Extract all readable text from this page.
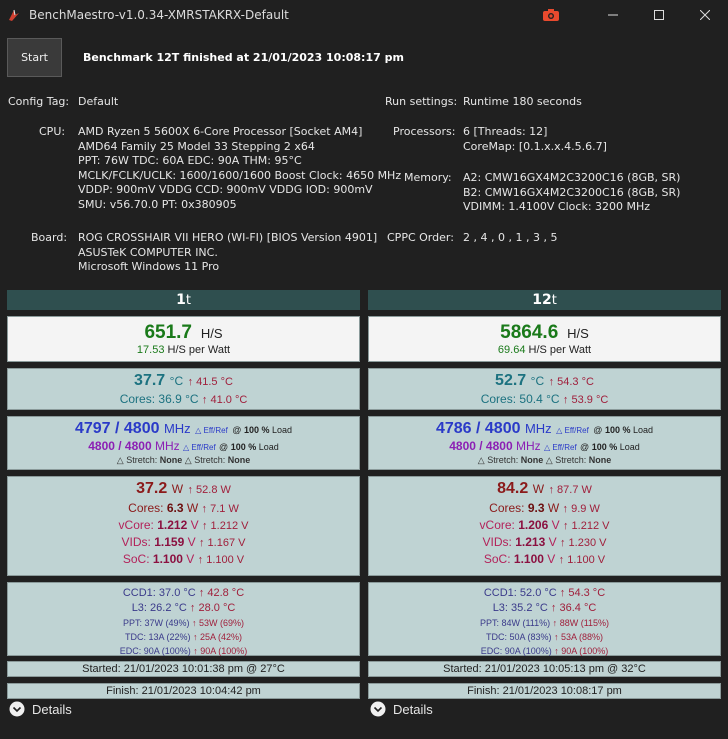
BenchMaestro-v1.0.34-XMRSTAKRX-Default
Start	Benchmark 12T finished at 21/01/2023 10:08:17 pm
Config Tag: Default	Run settings: Runtime 180 seconds
CPU: AMD Ryzen 5 5600X 6-Core Processor [Socket AM4]
AMD64 Family 25 Model 33 Stepping 2 x64
PPT: 76W TDC: 60A EDC: 90A THM: 95°C
MCLK/FCLK/UCLK: 1600/1600/1600 Boost Clock: 4650 MHz
VDDP: 900mV VDDG CCD: 900mV VDDG IOD: 900mV
SMU: v56.70.0 PT: 0x380905
Processors: 6 [Threads: 12]
CoreMap: [0.1.x.x.4.5.6.7]
Memory: A2: CMW16GX4M2C3200C16 (8GB, SR)
B2: CMW16GX4M2C3200C16 (8GB, SR)
VDIMM: 1.4100V Clock: 3200 MHz
Board: ROG CROSSHAIR VII HERO (WI-FI) [BIOS Version 4901]
ASUSTeK COMPUTER INC.
Microsoft Windows 11 Pro
CPPC Order: 2 , 4 , 0 , 1 , 3 , 5
1t
651.7 H/S
17.53 H/S per Watt
37.7 °C ↑ 41.5 °C
Cores: 36.9 °C ↑ 41.0 °C
4797 / 4800 MHz △ Eff/Ref @ 100 % Load
4800 / 4800 MHz △ Eff/Ref @ 100 % Load
△ Stretch: None △ Stretch: None
37.2 W ↑ 52.8 W
Cores: 6.3 W ↑ 7.1 W
vCore: 1.212 V ↑ 1.212 V
VIDs: 1.159 V ↑ 1.167 V
SoC: 1.100 V ↑ 1.100 V
CCD1: 37.0 °C ↑ 42.8 °C
L3: 26.2 °C ↑ 28.0 °C
PPT: 37W (49%) ↑ 53W (69%)
TDC: 13A (22%) ↑ 25A (42%)
EDC: 90A (100%) ↑ 90A (100%)
Started: 21/01/2023 10:01:38 pm @ 27°C
Finish: 21/01/2023 10:04:42 pm
12t
5864.6 H/S
69.64 H/S per Watt
52.7 °C ↑ 54.3 °C
Cores: 50.4 °C ↑ 53.9 °C
4786 / 4800 MHz △ Eff/Ref @ 100 % Load
4800 / 4800 MHz △ Eff/Ref @ 100 % Load
△ Stretch: None △ Stretch: None
84.2 W ↑ 87.7 W
Cores: 9.3 W ↑ 9.9 W
vCore: 1.206 V ↑ 1.212 V
VIDs: 1.213 V ↑ 1.230 V
SoC: 1.100 V ↑ 1.100 V
CCD1: 52.0 °C ↑ 54.3 °C
L3: 35.2 °C ↑ 36.4 °C
PPT: 84W (111%) ↑ 88W (115%)
TDC: 50A (83%) ↑ 53A (88%)
EDC: 90A (100%) ↑ 90A (100%)
Started: 21/01/2023 10:05:13 pm @ 32°C
Finish: 21/01/2023 10:08:17 pm
Details	Details
